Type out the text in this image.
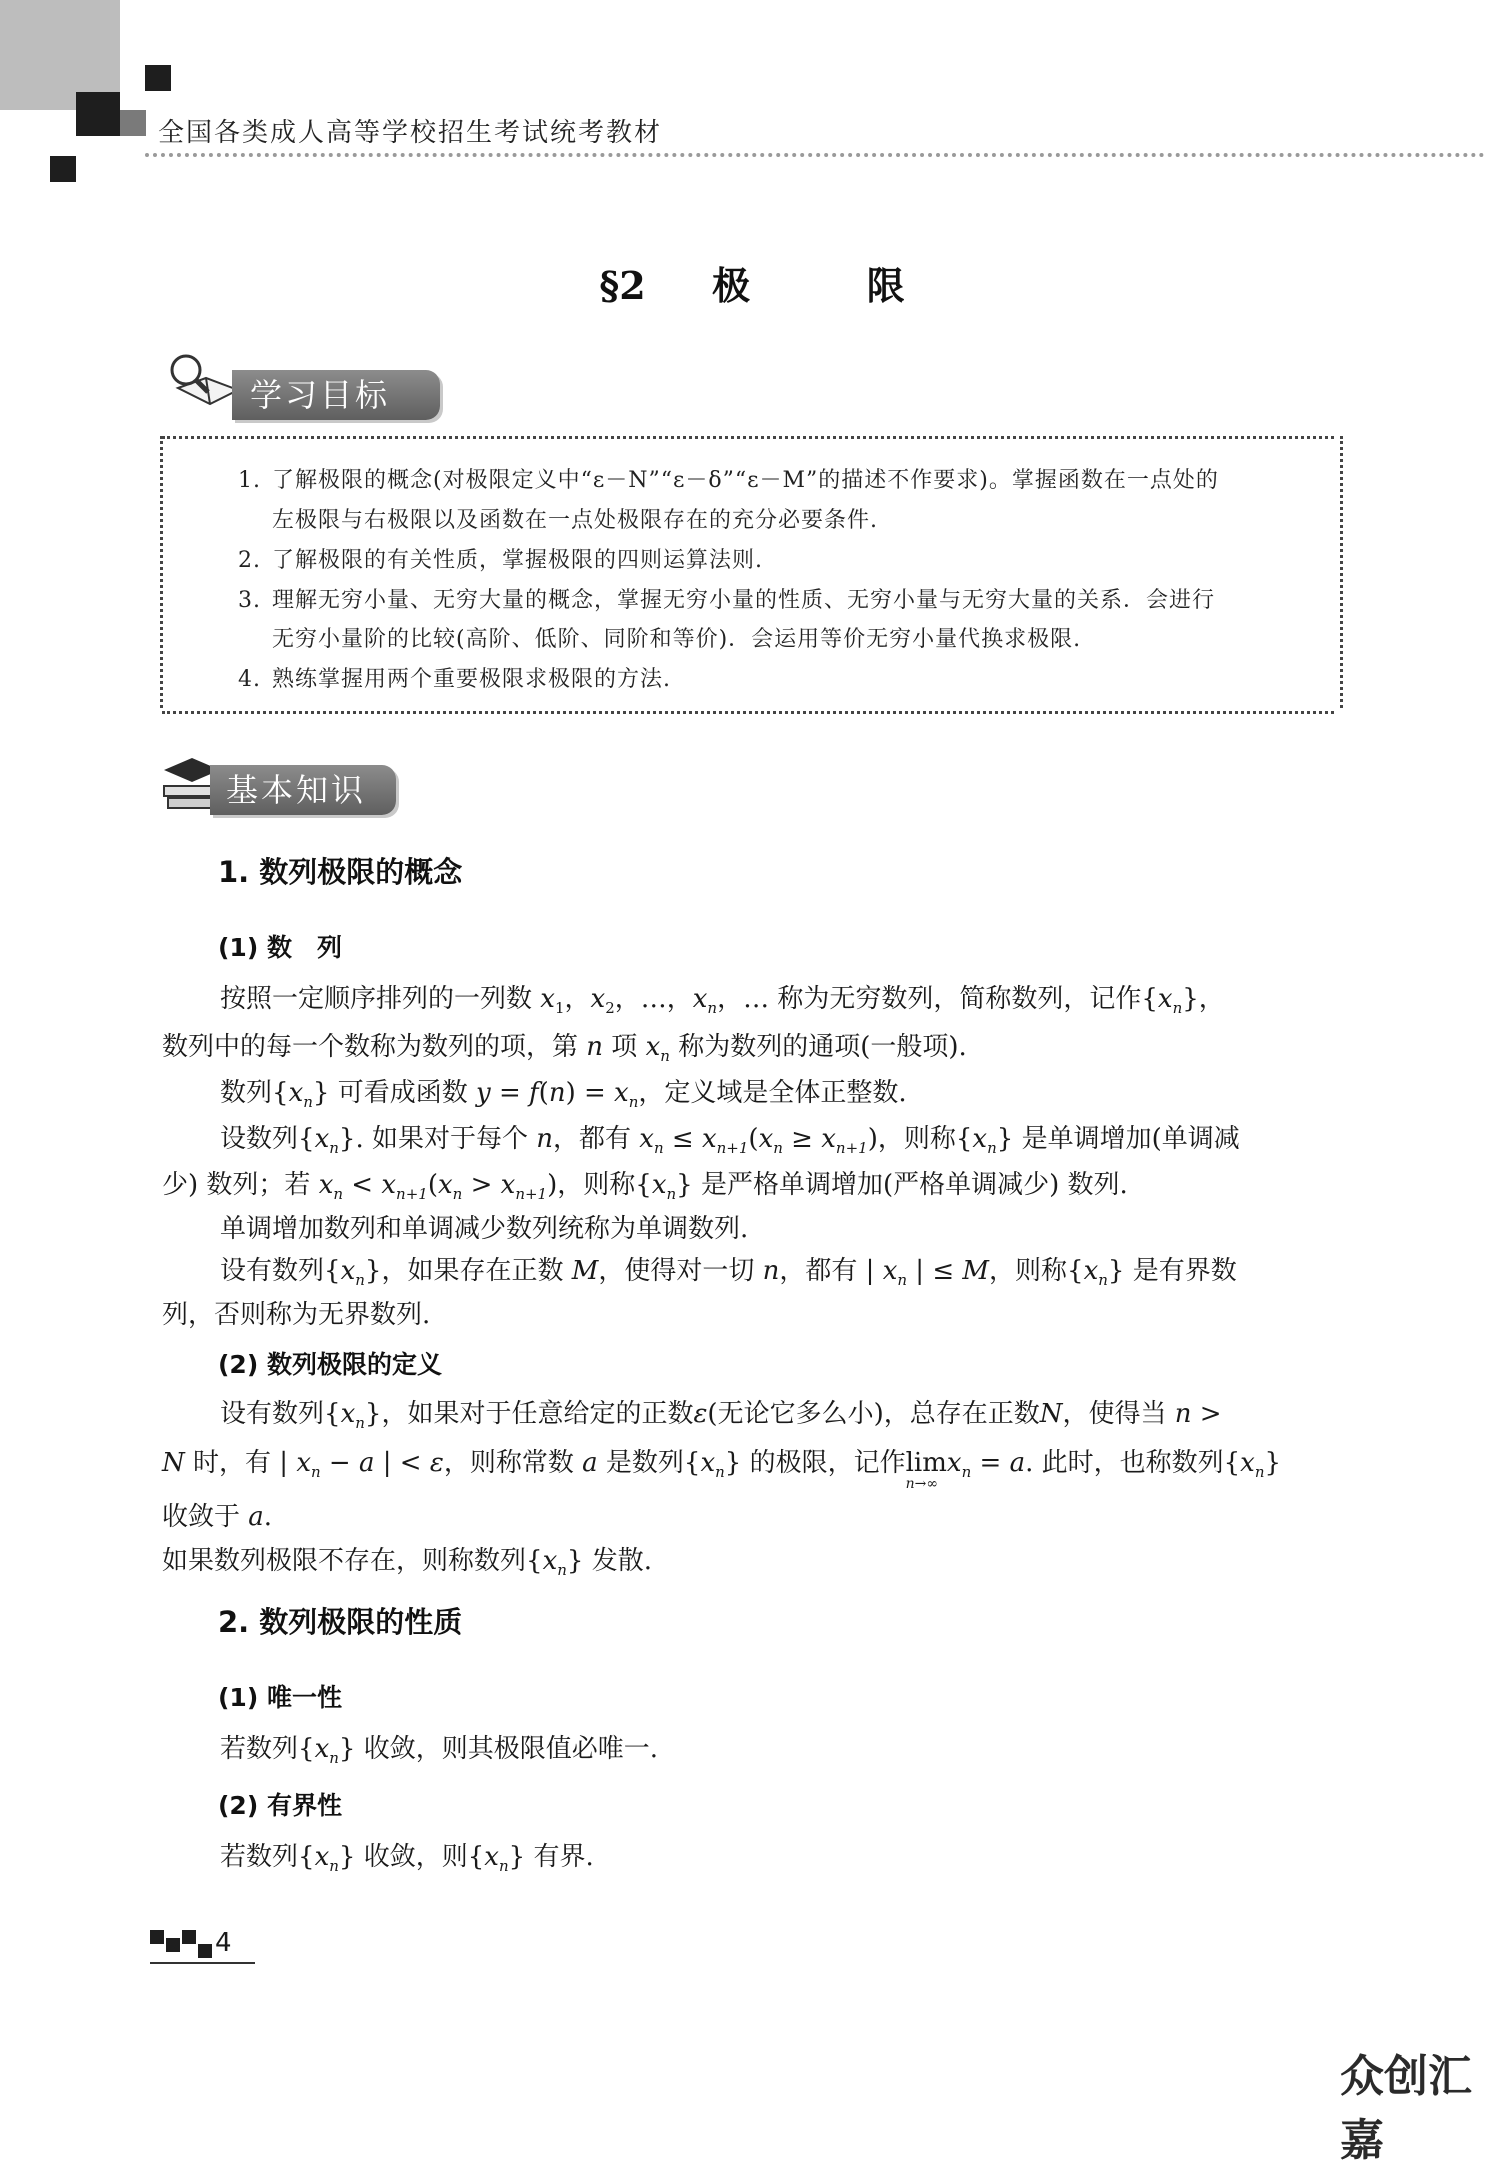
全国各类成人高等学校招生考试统考教材
§2 极	限
学习目标
1. 了解极限的概念(对极限定义中“ε－N”“ε－δ”“ε－M”的描述不作要求)。掌握函数在一点处的
左极限与右极限以及函数在一点处极限存在的充分必要条件.
2. 了解极限的有关性质，掌握极限的四则运算法则.
3. 理解无穷小量、无穷大量的概念，掌握无穷小量的性质、无穷小量与无穷大量的关系．会进行
无穷小量阶的比较(高阶、低阶、同阶和等价)．会运用等价无穷小量代换求极限.
4. 熟练掌握用两个重要极限求极限的方法.
基本知识
1. 数列极限的概念
(1) 数　列
按照一定顺序排列的一列数 $x_1$，$x_2$，…，$x_n$，… 称为无穷数列，简称数列，记作$\{x_n\}$，
数列中的每一个数称为数列的项，第 n 项 $x_n$ 称为数列的通项(一般项).
数列$\{x_n\}$ 可看成函数 $y = f(n) = x_n$，定义域是全体正整数.
设数列$\{x_n\}$. 如果对于每个 n，都有 $x_n \le x_{n+1}(x_n \ge x_{n+1})$，则称$\{x_n\}$ 是单调增加(单调减
少) 数列；若 $x_n < x_{n+1}(x_n > x_{n+1})$，则称$\{x_n\}$ 是严格单调增加(严格单调减少) 数列.
单调增加数列和单调减少数列统称为单调数列.
设有数列$\{x_n\}$，如果存在正数 M，使得对一切 n，都有 | $x_n$ | ≤ M，则称$\{x_n\}$ 是有界数
列，否则称为无界数列.
(2) 数列极限的定义
设有数列$\{x_n\}$，如果对于任意给定的正数ε(无论它多么小)，总存在正数N，使得当 n >
N 时，有 | $x_n - a$ | < ε，则称常数 a 是数列$\{x_n\}$ 的极限，记作lim
n→∞
$x_n = a$. 此时，也称数列$\{x_n\}$
收敛于 a.
如果数列极限不存在，则称数列$\{x_n\}$ 发散.
2. 数列极限的性质
(1) 唯一性
若数列$\{x_n\}$ 收敛，则其极限值必唯一.
(2) 有界性
若数列$\{x_n\}$ 收敛，则$\{x_n\}$ 有界.
4
众创汇嘉
